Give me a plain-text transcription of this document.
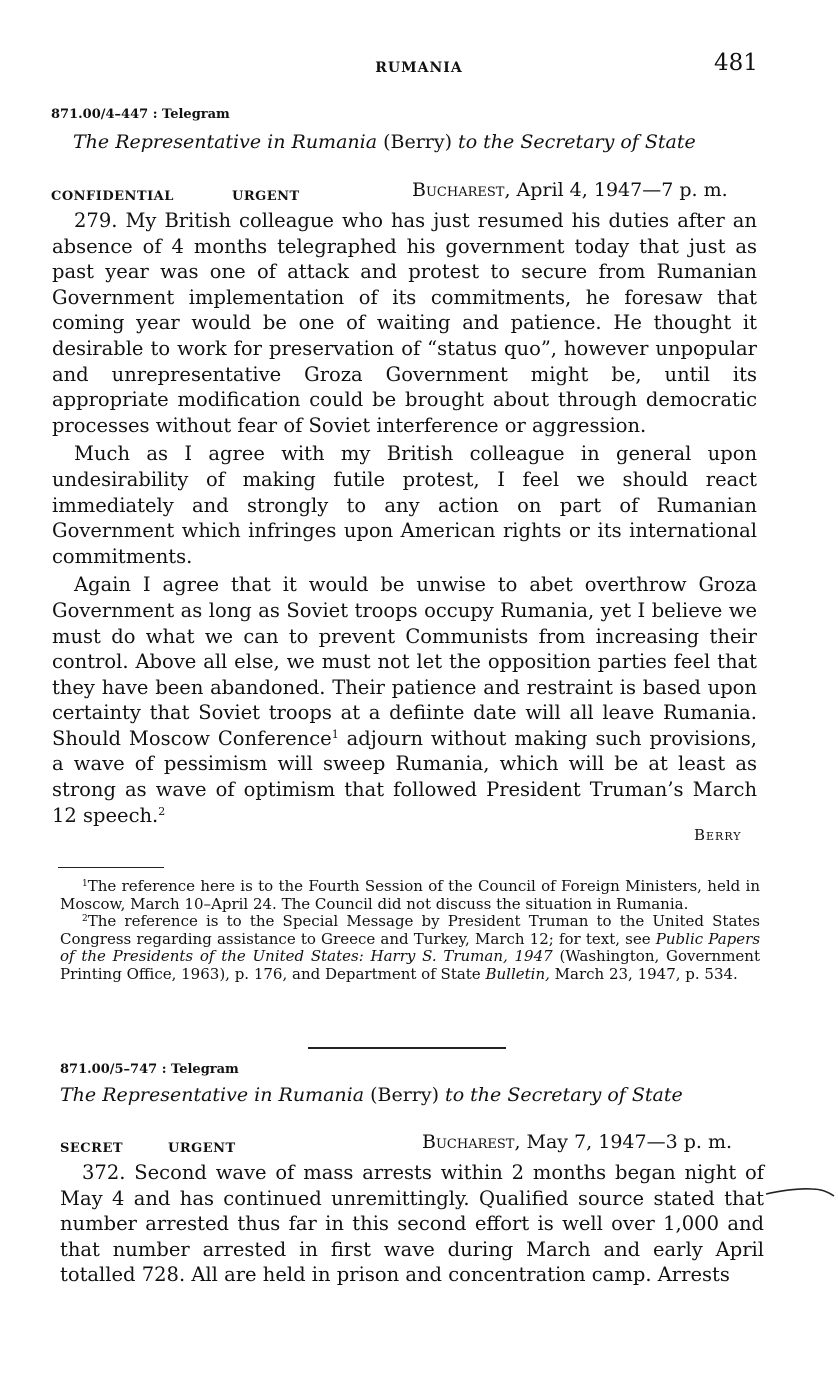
RUMANIA	481
871.00/4–447 : Telegram
The Representative in Rumania (Berry) to the Secretary of State
CONFIDENTIAL	URGENT	Bucharest, April 4, 1947—7 p. m.

279. My British colleague who has just resumed his duties after an absence of 4 months telegraphed his government today that just as past year was one of attack and protest to secure from Rumanian Government implementation of its commitments, he foresaw that coming year would be one of waiting and patience. He thought it desirable to work for preservation of “status quo”, however unpopular and unrepresentative Groza Government might be, until its appropriate modification could be brought about through democratic processes without fear of Soviet interference or aggression.

Much as I agree with my British colleague in general upon undesirability of making futile protest, I feel we should react immediately and strongly to any action on part of Rumanian Government which infringes upon American rights or its international commitments.

Again I agree that it would be unwise to abet overthrow Groza Government as long as Soviet troops occupy Rumania, yet I believe we must do what we can to prevent Communists from increasing their control. Above all else, we must not let the opposition parties feel that they have been abandoned. Their patience and restraint is based upon certainty that Soviet troops at a defiinte date will all leave Rumania. Should Moscow Conference$^1$ adjourn without making such provisions, a wave of pessimism will sweep Rumania, which will be at least as strong as wave of optimism that followed President Truman’s March 12 speech.$^2$

Berry

$^1$The reference here is to the Fourth Session of the Council of Foreign Ministers, held in Moscow, March 10–April 24. The Council did not discuss the situation in Rumania.

$^2$The reference is to the Special Message by President Truman to the United States Congress regarding assistance to Greece and Turkey, March 12; for text, see Public Papers of the Presidents of the United States: Harry S. Truman, 1947 (Washington, Government Printing Office, 1963), p. 176, and Department of State Bulletin, March 23, 1947, p. 534.

871.00/5–747 : Telegram
The Representative in Rumania (Berry) to the Secretary of State
SECRET	URGENT	Bucharest, May 7, 1947—3 p. m.

372. Second wave of mass arrests within 2 months began night of May 4 and has continued unremittingly. Qualified source stated that number arrested thus far in this second effort is well over 1,000 and that number arrested in first wave during March and early April totalled 728. All are held in prison and concentration camp. Arrests
